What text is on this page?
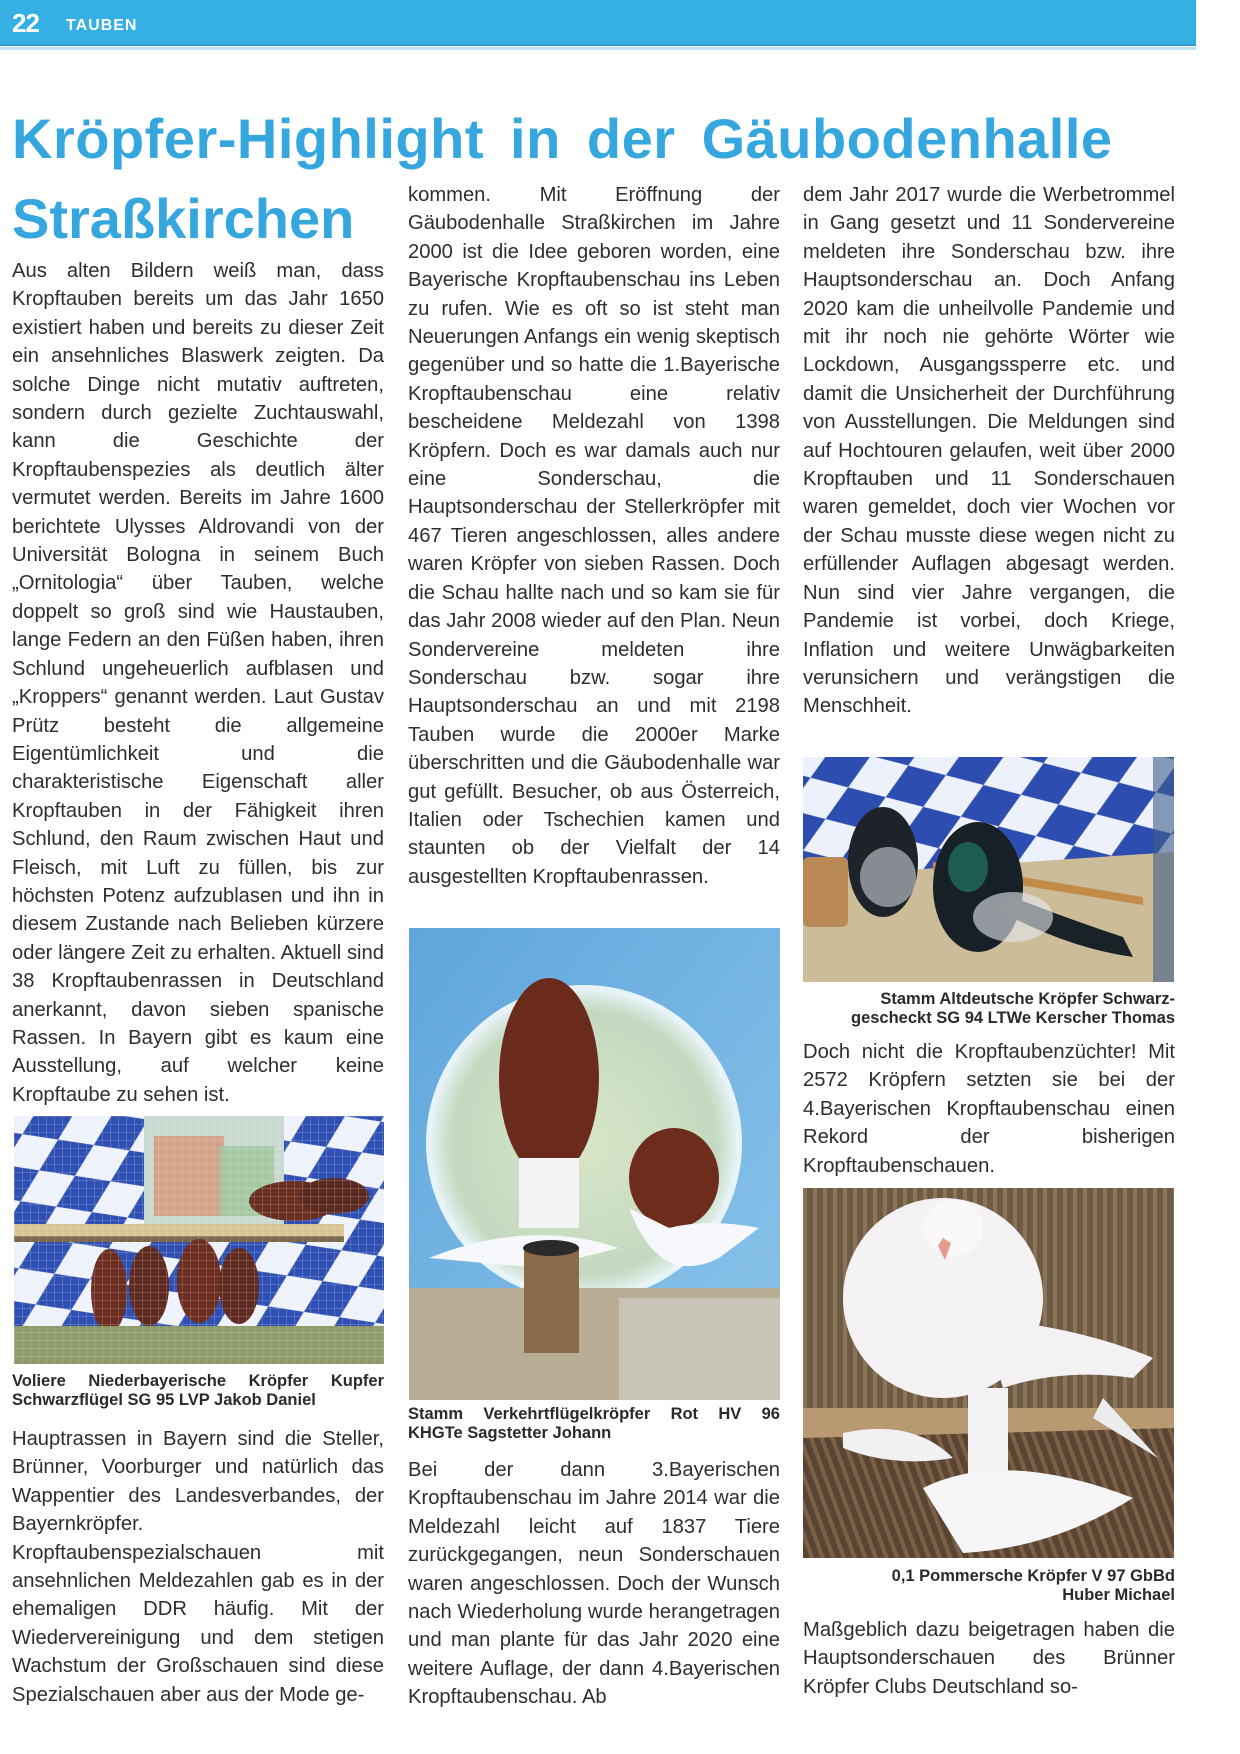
22 TAUBEN
Kröpfer-Highlight in der Gäubodenhalle
Straßkirchen

Aus alten Bildern weiß man, dass Kropftauben bereits um das Jahr 1650 existiert haben und bereits zu dieser Zeit ein ansehnliches Blaswerk zeigten. Da solche Dinge nicht mutativ auftreten, sondern durch gezielte Zuchtauswahl, kann die Geschichte der Kropftaubenspezies als deutlich älter vermutet werden. Bereits im Jahre 1600 berichtete Ulysses Aldrovandi von der Universität Bologna in seinem Buch „Ornitologia“ über Tauben, welche doppelt so groß sind wie Haustauben, lange Federn an den Füßen haben, ihren Schlund ungeheuerlich aufblasen und „Kroppers“ genannt werden. Laut Gustav Prütz besteht die allgemeine Eigentümlichkeit und die charakteristische Eigenschaft aller Kropftauben in der Fähigkeit ihren Schlund, den Raum zwischen Haut und Fleisch, mit Luft zu füllen, bis zur höchsten Potenz aufzublasen und ihn in diesem Zustande nach Belieben kürzere oder längere Zeit zu erhalten. Aktuell sind 38 Kropftaubenrassen in Deutschland anerkannt, davon sieben spanische Rassen. In Bayern gibt es kaum eine Ausstellung, auf welcher keine Kropftaube zu sehen ist.

Voliere Niederbayerische Kröpfer Kupfer
Schwarzflügel SG 95 LVP Jakob Daniel

Hauptrassen in Bayern sind die Steller, Brünner, Voorburger und natürlich das Wappentier des Landesverbandes, der Bayernkröpfer. Kropftaubenspezialschauen mit ansehnlichen Meldezahlen gab es in der ehemaligen DDR häufig. Mit der Wiedervereinigung und dem stetigen Wachstum der Großschauen sind diese Spezialschauen aber aus der Mode ge-

kommen. Mit Eröffnung der Gäubodenhalle Straßkirchen im Jahre 2000 ist die Idee geboren worden, eine Bayerische Kropftaubenschau ins Leben zu rufen. Wie es oft so ist steht man Neuerungen Anfangs ein wenig skeptisch gegenüber und so hatte die 1.Bayerische Kropftaubenschau eine relativ bescheidene Meldezahl von 1398 Kröpfern. Doch es war damals auch nur eine Sonderschau, die Hauptsonderschau der Stellerkröpfer mit 467 Tieren angeschlossen, alles andere waren Kröpfer von sieben Rassen. Doch die Schau hallte nach und so kam sie für das Jahr 2008 wieder auf den Plan. Neun Sondervereine meldeten ihre Sonderschau bzw. sogar ihre Hauptsonderschau an und mit 2198 Tauben wurde die 2000er Marke überschritten und die Gäubodenhalle war gut gefüllt. Besucher, ob aus Österreich, Italien oder Tschechien kamen und staunten ob der Vielfalt der 14 ausgestellten Kropftaubenrassen.

Stamm Verkehrtflügelkröpfer Rot HV 96
KHGTe Sagstetter Johann

Bei der dann 3.Bayerischen Kropftaubenschau im Jahre 2014 war die Meldezahl leicht auf 1837 Tiere zurückgegangen, neun Sonderschauen waren angeschlossen. Doch der Wunsch nach Wiederholung wurde herangetragen und man plante für das Jahr 2020 eine weitere Auflage, der dann 4.Bayerischen Kropftaubenschau. Ab

dem Jahr 2017 wurde die Werbetrommel in Gang gesetzt und 11 Sondervereine meldeten ihre Sonderschau bzw. ihre Hauptsonderschau an. Doch Anfang 2020 kam die unheilvolle Pandemie und mit ihr noch nie gehörte Wörter wie Lockdown, Ausgangssperre etc. und damit die Unsicherheit der Durchführung von Ausstellungen. Die Meldungen sind auf Hochtouren gelaufen, weit über 2000 Kropftauben und 11 Sonderschauen waren gemeldet, doch vier Wochen vor der Schau musste diese wegen nicht zu erfüllender Auflagen abgesagt werden. Nun sind vier Jahre vergangen, die Pandemie ist vorbei, doch Kriege, Inflation und weitere Unwägbarkeiten verunsichern und verängstigen die Menschheit.

Stamm Altdeutsche Kröpfer Schwarz-
gescheckt SG 94 LTWe Kerscher Thomas

Doch nicht die Kropftaubenzüchter! Mit 2572 Kröpfern setzten sie bei der 4.Bayerischen Kropftaubenschau einen Rekord der bisherigen Kropftaubenschauen.

0,1 Pommersche Kröpfer V 97 GbBd
Huber Michael

Maßgeblich dazu beigetragen haben die Hauptsonderschauen des Brünner Kröpfer Clubs Deutschland so-
